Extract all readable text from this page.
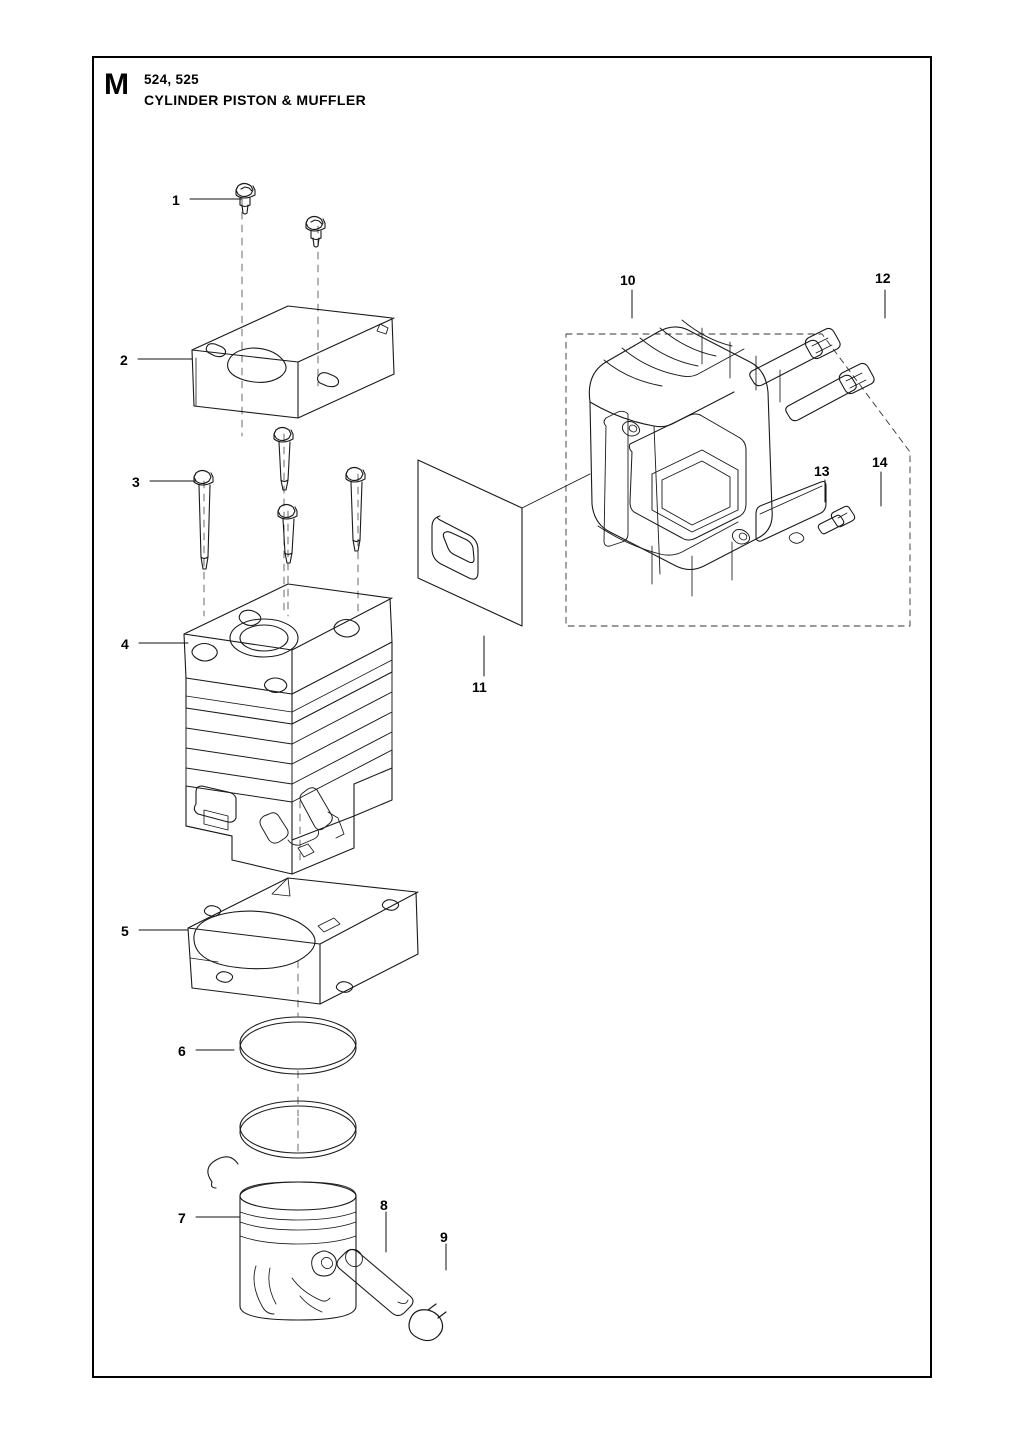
M	524, 525
CYLINDER PISTON & MUFFLER
1
2
3
4
5
6
7
8
9
10
11
12
13
14
